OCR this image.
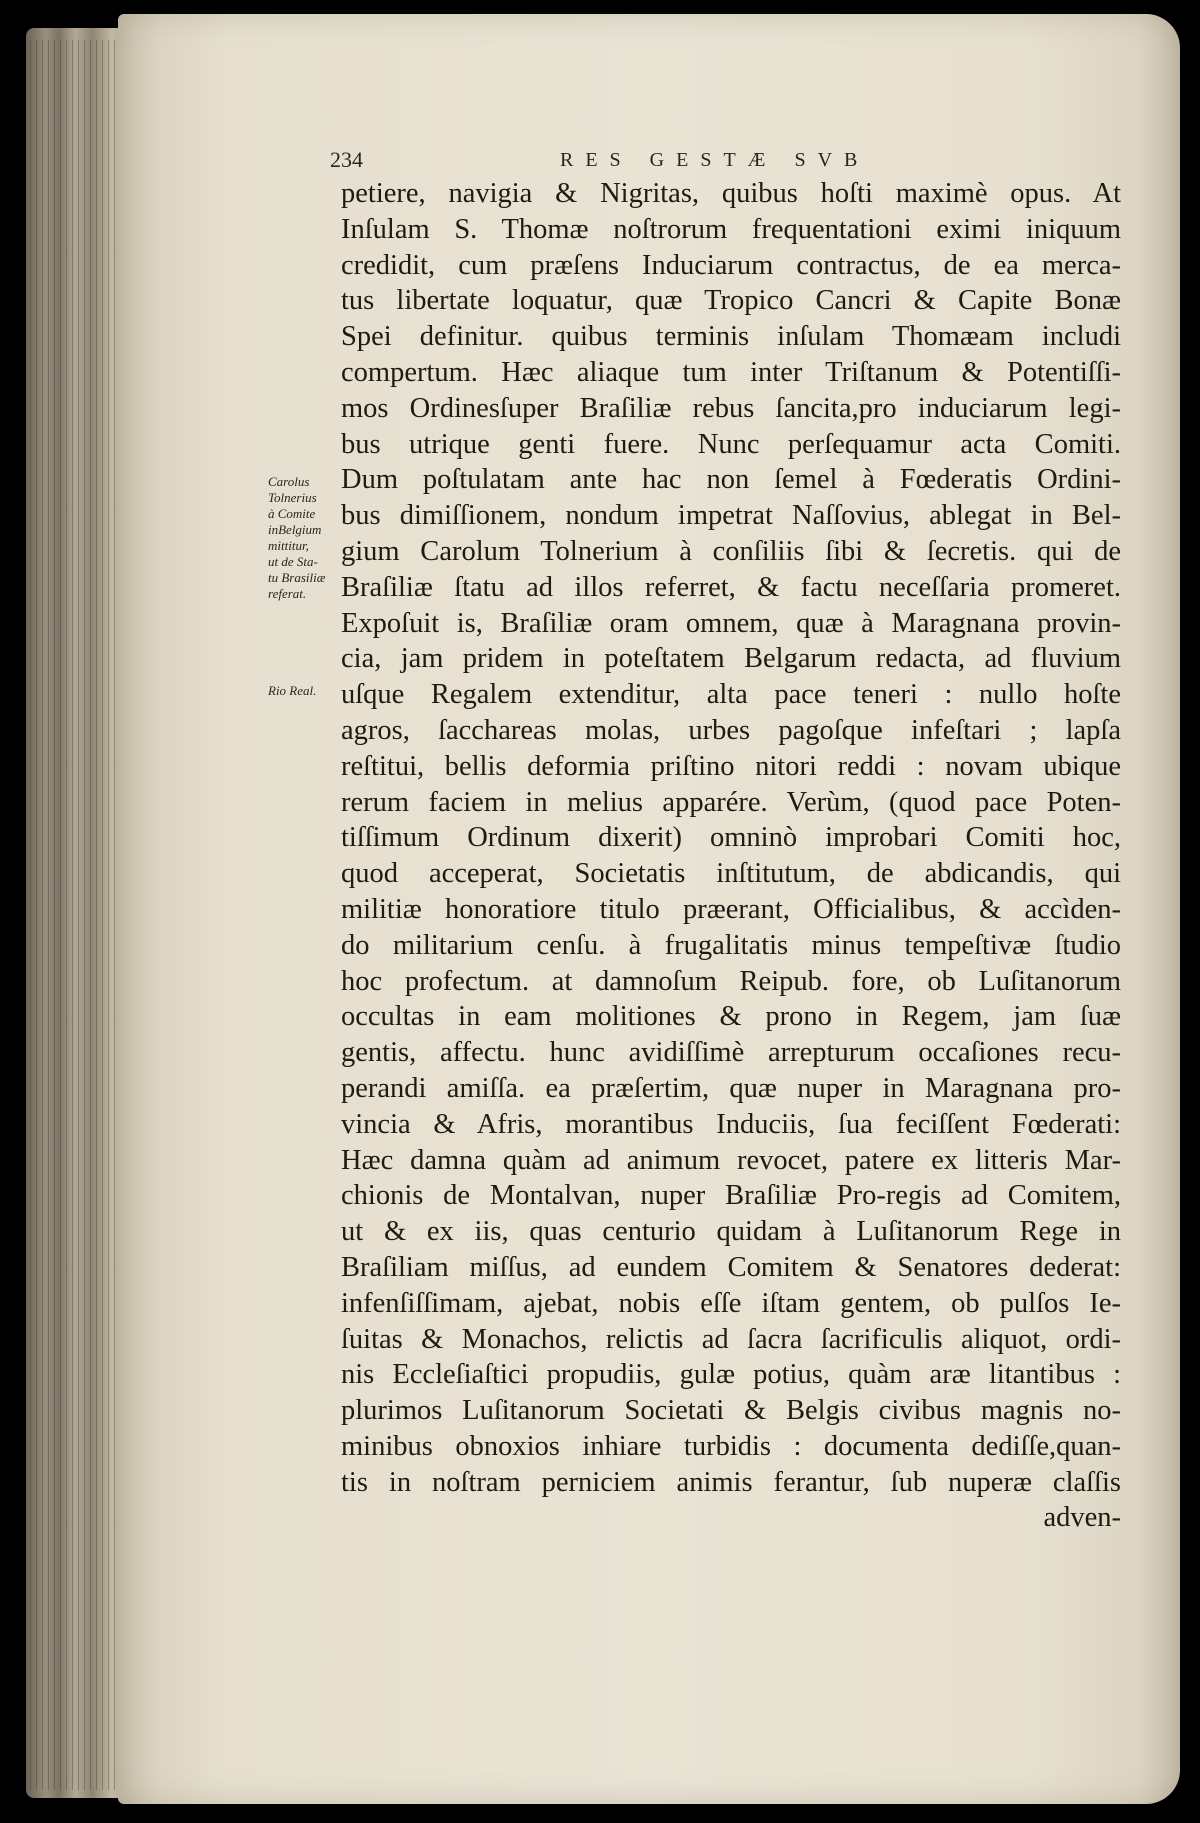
234	RES GESTÆ SVB
Carolus
Tolnerius
à Comite
inBelgium
mittitur,
ut de Sta-
tu Brasiliæ
referat.
Rio Real.
petiere, navigia & Nigritas, quibus hoſti maximè opus. At
Inſulam S. Thomæ noſtrorum frequentationi eximi iniquum
credidit, cum præſens Induciarum contractus, de ea merca-
tus libertate loquatur, quæ Tropico Cancri & Capite Bonæ
Spei definitur. quibus terminis inſulam Thomæam includi
compertum. Hæc aliaque tum inter Triſtanum & Potentiſſi-
mos Ordinesſuper Braſiliæ rebus ſancita,pro induciarum legi-
bus utrique genti fuere. Nunc perſequamur acta Comiti.
Dum poſtulatam ante hac non ſemel à Fœderatis Ordini-
bus dimiſſionem, nondum impetrat Naſſovius, ablegat in Bel-
gium Carolum Tolnerium à conſiliis ſibi & ſecretis. qui de
Braſiliæ ſtatu ad illos referret, & factu neceſſaria promeret.
Expoſuit is, Braſiliæ oram omnem, quæ à Maragnana provin-
cia, jam pridem in poteſtatem Belgarum redacta, ad fluvium
uſque Regalem extenditur, alta pace teneri : nullo hoſte
agros, ſacchareas molas, urbes pagoſque infeſtari ; lapſa
reſtitui, bellis deformia priſtino nitori reddi : novam ubique
rerum faciem in melius apparére. Verùm, (quod pace Poten-
tiſſimum Ordinum dixerit) omninò improbari Comiti hoc,
quod acceperat, Societatis inſtitutum, de abdicandis, qui
militiæ honoratiore titulo præerant, Officialibus, & accìden-
do militarium cenſu. à frugalitatis minus tempeſtivæ ſtudio
hoc profectum. at damnoſum Reipub. fore, ob Luſitanorum
occultas in eam molitiones & prono in Regem, jam ſuæ
gentis, affectu. hunc avidiſſimè arrepturum occaſiones recu-
perandi amiſſa. ea præſertim, quæ nuper in Maragnana pro-
vincia & Afris, morantibus Induciis, ſua feciſſent Fœderati:
Hæc damna quàm ad animum revocet, patere ex litteris Mar-
chionis de Montalvan, nuper Braſiliæ Pro-regis ad Comitem,
ut & ex iis, quas centurio quidam à Luſitanorum Rege in
Braſiliam miſſus, ad eundem Comitem & Senatores dederat:
infenſiſſimam, ajebat, nobis eſſe iſtam gentem, ob pulſos Ie-
ſuitas & Monachos, relictis ad ſacra ſacrificulis aliquot, ordi-
nis Eccleſiaſtici propudiis, gulæ potius, quàm aræ litantibus :
plurimos Luſitanorum Societati & Belgis civibus magnis no-
minibus obnoxios inhiare turbidis : documenta dediſſe,quan-
tis in noſtram perniciem animis ferantur, ſub nuperæ claſſis
adven-
